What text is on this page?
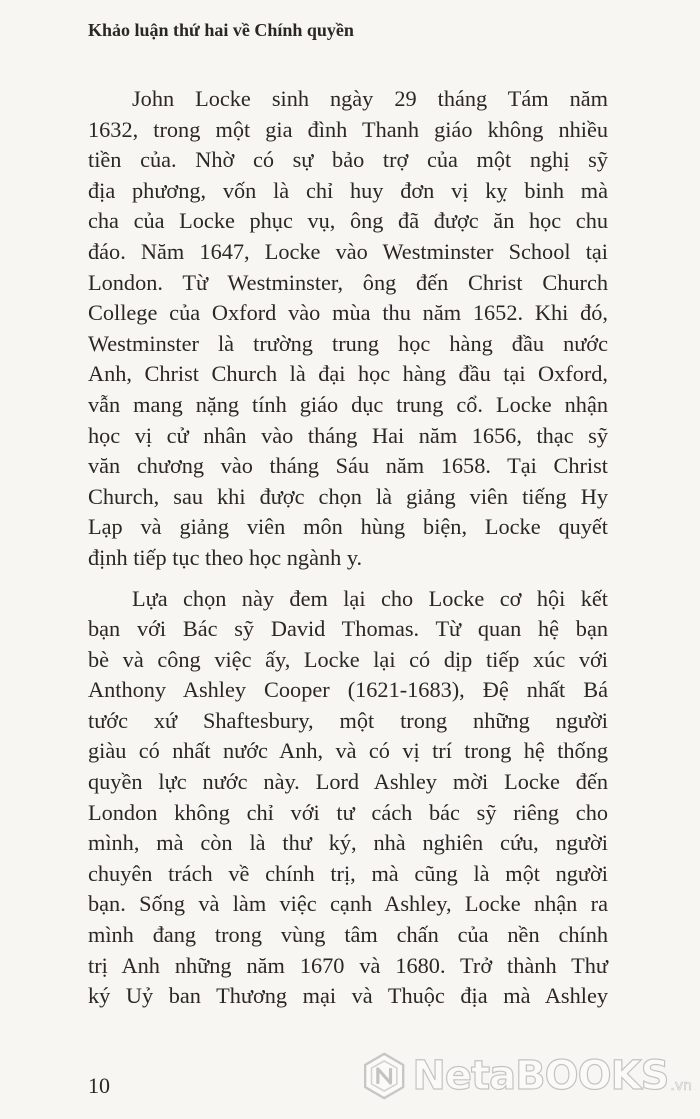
Khảo luận thứ hai về Chính quyền
John Locke sinh ngày 29 tháng Tám năm
1632, trong một gia đình Thanh giáo không nhiều
tiền của. Nhờ có sự bảo trợ của một nghị sỹ
địa phương, vốn là chỉ huy đơn vị kỵ binh mà
cha của Locke phục vụ, ông đã được ăn học chu
đáo. Năm 1647, Locke vào Westminster School tại
London. Từ Westminster, ông đến Christ Church
College của Oxford vào mùa thu năm 1652. Khi đó,
Westminster là trường trung học hàng đầu nước
Anh, Christ Church là đại học hàng đầu tại Oxford,
vẫn mang nặng tính giáo dục trung cổ. Locke nhận
học vị cử nhân vào tháng Hai năm 1656, thạc sỹ
văn chương vào tháng Sáu năm 1658. Tại Christ
Church, sau khi được chọn là giảng viên tiếng Hy
Lạp và giảng viên môn hùng biện, Locke quyết
định tiếp tục theo học ngành y.
Lựa chọn này đem lại cho Locke cơ hội kết
bạn với Bác sỹ David Thomas. Từ quan hệ bạn
bè và công việc ấy, Locke lại có dịp tiếp xúc với
Anthony Ashley Cooper (1621-1683), Đệ nhất Bá
tước xứ Shaftesbury, một trong những người
giàu có nhất nước Anh, và có vị trí trong hệ thống
quyền lực nước này. Lord Ashley mời Locke đến
London không chỉ với tư cách bác sỹ riêng cho
mình, mà còn là thư ký, nhà nghiên cứu, người
chuyên trách về chính trị, mà cũng là một người
bạn. Sống và làm việc cạnh Ashley, Locke nhận ra
mình đang trong vùng tâm chấn của nền chính
trị Anh những năm 1670 và 1680. Trở thành Thư
ký Uỷ ban Thương mại và Thuộc địa mà Ashley
10	NetaBOOKS .vn
